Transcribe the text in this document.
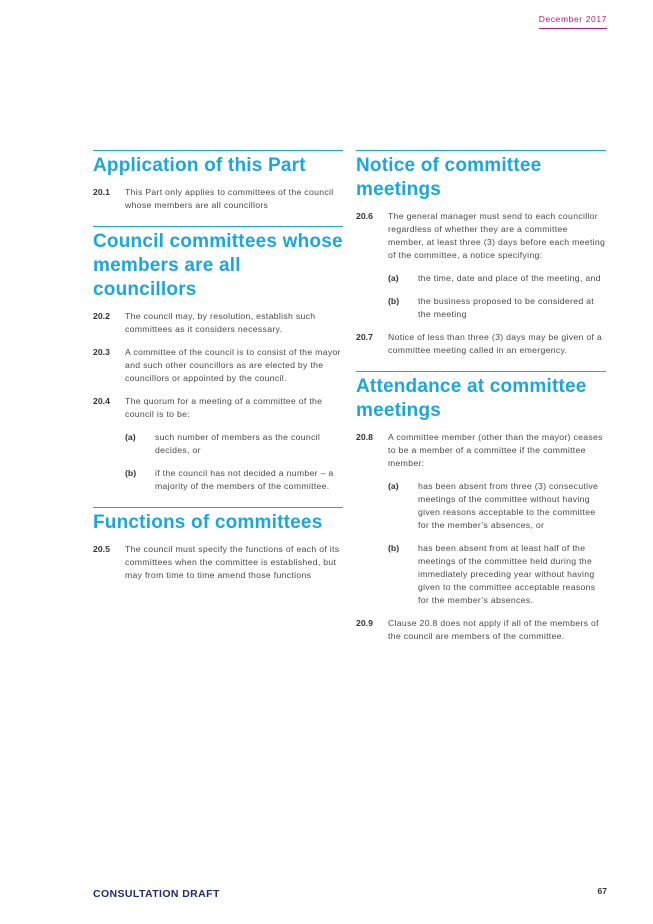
December 2017
Application of this Part
20.1	This Part only applies to committees of the council whose members are all councillors
Council committees whose members are all councillors
20.2	The council may, by resolution, establish such committees as it considers necessary.
20.3	A committee of the council is to consist of the mayor and such other councillors as are elected by the councillors or appointed by the council.
20.4	The quorum for a meeting of a committee of the council is to be:
(a)	such number of members as the council decides, or
(b)	if the council has not decided a number – a majority of the members of the committee.
Functions of committees
20.5	The council must specify the functions of each of its committees when the committee is established, but may from time to time amend those functions
Notice of committee meetings
20.6	The general manager must send to each councillor regardless of whether they are a committee member, at least three (3) days before each meeting of the committee, a notice specifying:
(a)	the time, date and place of the meeting, and
(b)	the business proposed to be considered at the meeting
20.7	Notice of less than three (3) days may be given of a committee meeting called in an emergency.
Attendance at committee meetings
20.8	A committee member (other than the mayor) ceases to be a member of a committee if the committee member:
(a)	has been absent from three (3) consecutive meetings of the committee without having given reasons acceptable to the committee for the member’s absences, or
(b)	has been absent from at least half of the meetings of the committee held during the immediately preceding year without having given to the committee acceptable reasons for the member’s absences.
20.9	Clause 20.8 does not apply if all of the members of the council are members of the committee.
CONSULTATION DRAFT	67
